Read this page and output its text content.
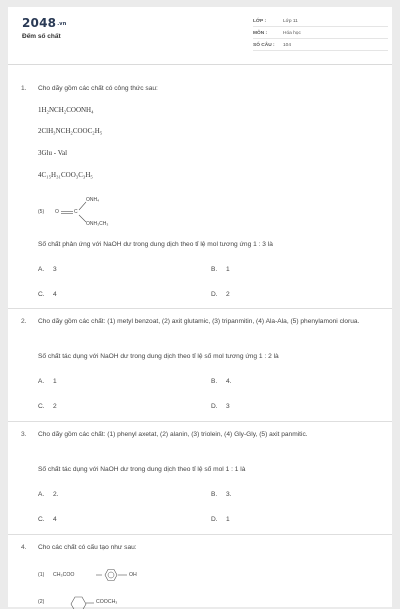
2048.vn
Đếm số chất
LỚP :	Lớp 11
MÔN :	Hóa học
SỐ CÂU : 104
1. Cho dãy gồm các chất có công thức sau:
1H₂NCH₂COONH₄
2ClH₃NCH₂COOC₂H₅
3Glu - Val
4C₁₅H₃₁COO₃C₃H₅
(5) O	C
ONH₄
ONH₃CH₃
Số chất phản ứng với NaOH dư trong dung dịch theo tỉ lệ mol tương ứng 1 : 3 là
A. 3	B. 1
C. 4	D. 2
2. Cho dãy gồm các chất: (1) metyl benzoat, (2) axit glutamic, (3) tripanmitin, (4) Ala-Ala, (5) phenylamoni clorua.
Số chất tác dụng với NaOH dư trong dung dịch theo tỉ lệ số mol tương ứng 1 : 2 là
A. 1	B. 4.
C. 2	D. 3
3. Cho dãy gồm các chất: (1) phenyl axetat, (2) alanin, (3) triolein, (4) Gly-Gly, (5) axit panmitic.
Số chất tác dụng với NaOH dư trong dung dịch theo tỉ lệ số mol 1 : 1 là
A. 2.	B. 3.
C. 4	D. 1
4. Cho các chất có cấu tạo như sau:
(1) CH₃COO	OH
(2)	COOCH₃
